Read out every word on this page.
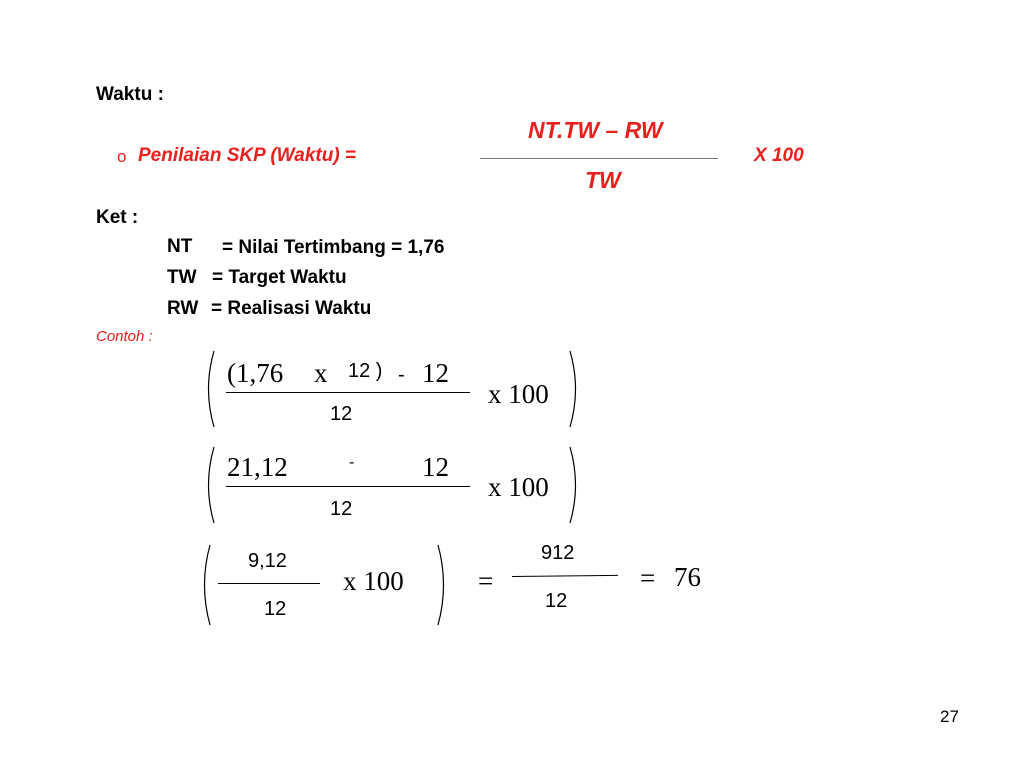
Waktu :
o Penilaian SKP (Waktu) =
NT.TW – RW
TW
X 100
Ket :
NT = Nilai Tertimbang = 1,76
TW = Target Waktu
RW = Realisasi Waktu
Contoh :
(1,76 x 12 ) - 12
12
x 100
21,12	-	12
12
x 100
9,12
12
x 100	=
912
12
= 76
27
